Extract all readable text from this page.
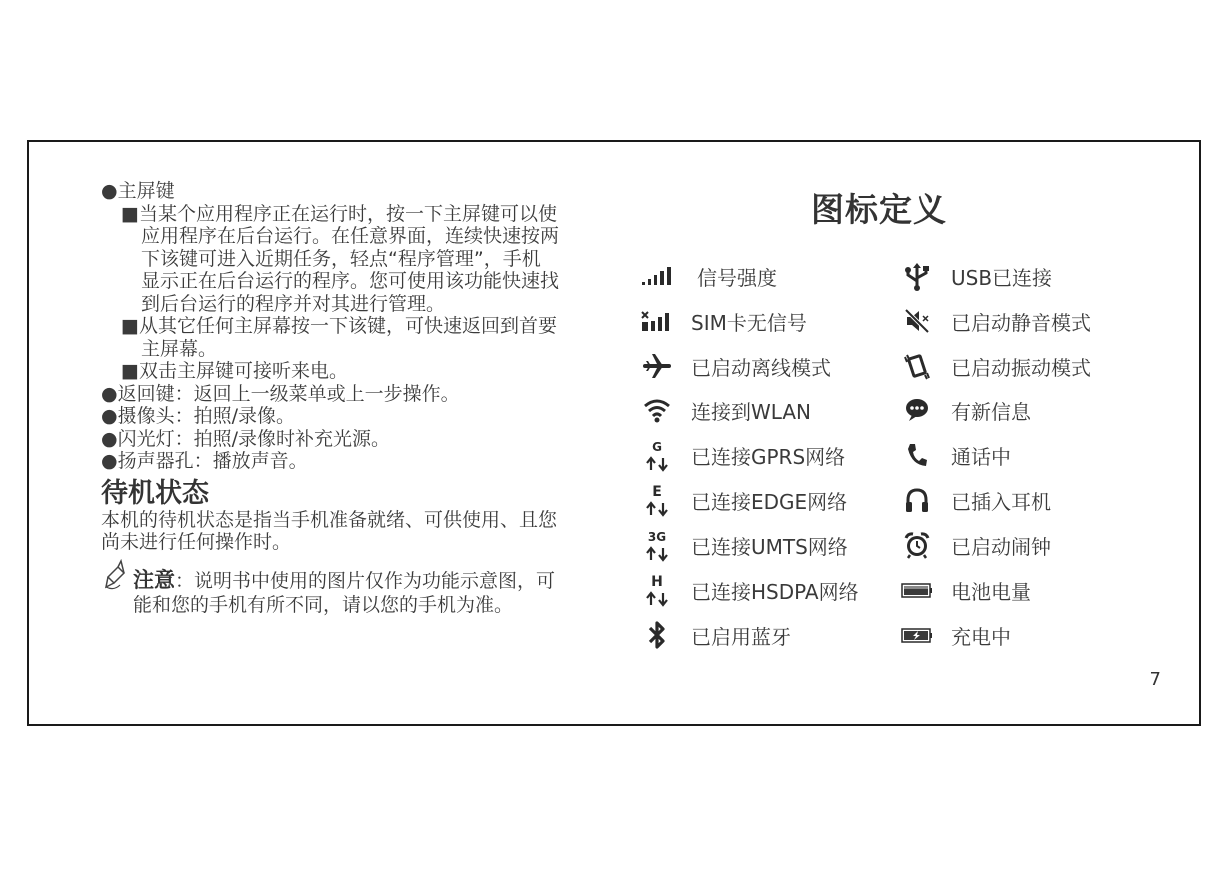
●主屏键
■当某个应用程序正在运行时，按一下主屏键可以使
应用程序在后台运行。在任意界面，连续快速按两
下该键可进入近期任务，轻点“程序管理”，手机
显示正在后台运行的程序。您可使用该功能快速找
到后台运行的程序并对其进行管理。
■从其它任何主屏幕按一下该键，可快速返回到首要
主屏幕。
■双击主屏键可接听来电。
●返回键：返回上一级菜单或上一步操作。
●摄像头：拍照/录像。
●闪光灯：拍照/录像时补充光源。
●扬声器孔：播放声音。
待机状态
本机的待机状态是指当手机准备就绪、可供使用、且您
尚未进行任何操作时。
注意：说明书中使用的图片仅作为功能示意图，可
能和您的手机有所不同，请以您的手机为准。
图标定义
信号强度
SIM卡无信号
已启动离线模式
连接到WLAN
G 已连接GPRS网络
E 已连接EDGE网络
3G 已连接UMTS网络
H 已连接HSDPA网络
已启用蓝牙
USB已连接
已启动静音模式
已启动振动模式
有新信息
通话中
已插入耳机
已启动闹钟
电池电量
充电中
7
